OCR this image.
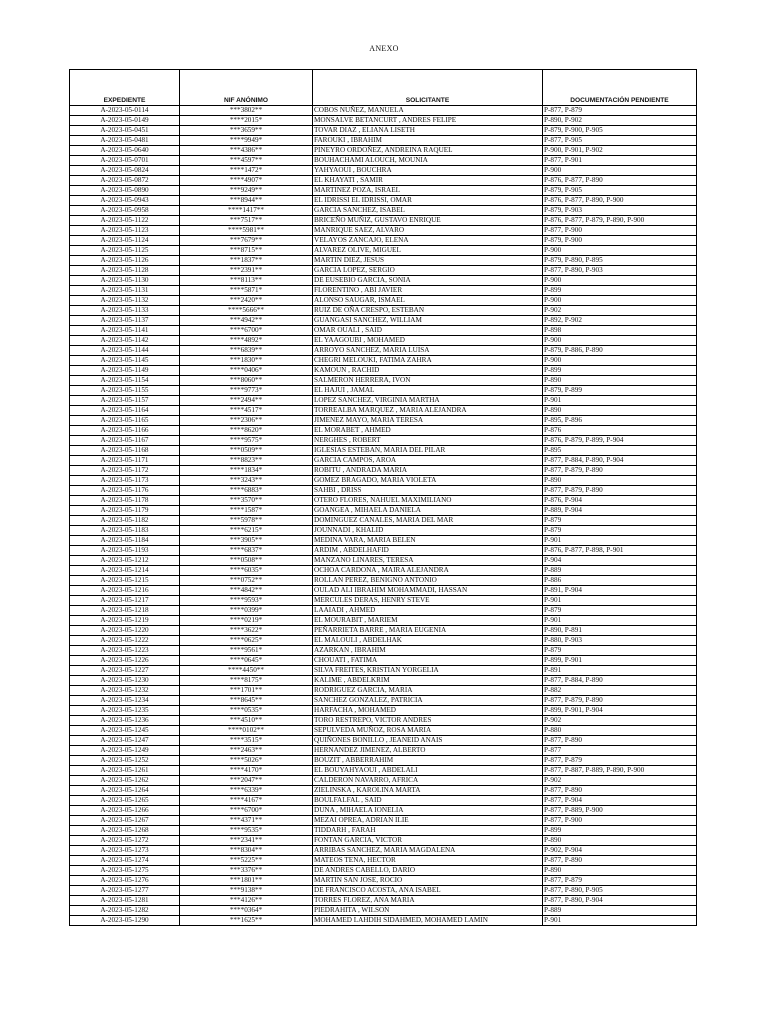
ANEXO
EXPEDIENTE	NIF ANÓNIMO	SOLICITANTE	DOCUMENTACIÓN PENDIENTE
A-2023-05-0114	***3802**	COBOS NUÑEZ, MANUELA	P-877, P-879
A-2023-05-0149	****2015*	MONSALVE BETANCURT , ANDRES FELIPE	P-890, P-902
A-2023-05-0451	***3659**	TOVAR DIAZ , ELIANA LISETH	P-879, P-900, P-905
A-2023-05-0481	****9949*	FAROUKI , IBRAHIM	P-877, P-905
A-2023-05-0640	***4386**	PINEYRO ORDOÑEZ, ANDREINA RAQUEL	P-900, P-901, P-902
A-2023-05-0701	***4597**	BOUHACHAMI ALOUCH, MOUNIA	P-877, P-901
A-2023-05-0824	****1472*	YAHYAOUI , BOUCHRA	P-900
A-2023-05-0872	****4907*	EL KHAYATI , SAMIR	P-876, P-877, P-890
A-2023-05-0890	***9249**	MARTINEZ POZA, ISRAEL	P-879, P-905
A-2023-05-0943	***8944**	EL IDRISSI EL IDRISSI, OMAR	P-876, P-877, P-890, P-900
A-2023-05-0958	****1417**	GARCIA SANCHEZ, ISABEL	P-879, P-903
A-2023-05-1122	***7517**	BRICEÑO MUÑIZ, GUSTAVO ENRIQUE	P-876, P-877, P-879, P-890, P-900
A-2023-05-1123	****5981**	MANRIQUE SAEZ, ALVARO	P-877, P-900
A-2023-05-1124	***7679**	VELAYOS ZANCAJO, ELENA	P-879, P-900
A-2023-05-1125	***8715**	ALVAREZ OLIVE, MIGUEL	P-900
A-2023-05-1126	***1837**	MARTIN DIEZ, JESUS	P-879, P-890, P-895
A-2023-05-1128	***2391**	GARCIA LOPEZ, SERGIO	P-877, P-890, P-903
A-2023-05-1130	***8113**	DE EUSEBIO GARCIA, SONIA	P-900
A-2023-05-1131	****5871*	FLORENTINO , ABI JAVIER	P-899
A-2023-05-1132	***2420**	ALONSO SAUGAR, ISMAEL	P-900
A-2023-05-1133	****5666**	RUIZ DE OÑA CRESPO, ESTEBAN	P-902
A-2023-05-1137	***4942**	GUANGASI SANCHEZ, WILLIAM	P-892, P-902
A-2023-05-1141	****6700*	OMAR OUALI , SAID	P-898
A-2023-05-1142	****4892*	EL YAAGOUBI , MOHAMED	P-900
A-2023-05-1144	***6839**	ARROYO SANCHEZ, MARIA LUISA	P-879, P-886, P-890
A-2023-05-1145	***1830**	CHEGRI MELOUKI, FATIMA ZAHRA	P-900
A-2023-05-1149	****0406*	KAMOUN , RACHID	P-899
A-2023-05-1154	***8060**	SALMERON HERRERA, IVON	P-890
A-2023-05-1155	****9773*	EL HAJUI , JAMAL	P-879, P-899
A-2023-05-1157	***2494**	LOPEZ SANCHEZ, VIRGINIA MARTHA	P-901
A-2023-05-1164	****4517*	TORREALBA MARQUEZ , MARIA ALEJANDRA	P-890
A-2023-05-1165	***2306**	JIMENEZ MAYO, MARIA TERESA	P-895, P-896
A-2023-05-1166	****8620*	EL MORABET , AHMED	P-876
A-2023-05-1167	****9575*	NERGHES , ROBERT	P-876, P-879, P-899, P-904
A-2023-05-1168	***0509**	IGLESIAS ESTEBAN, MARIA DEL PILAR	P-895
A-2023-05-1171	***8823**	GARCIA CAMPOS, AROA	P-877, P-884, P-890, P-904
A-2023-05-1172	****1834*	ROBITU , ANDRADA MARIA	P-877, P-879, P-890
A-2023-05-1173	***3243**	GOMEZ BRAGADO, MARIA VIOLETA	P-890
A-2023-05-1176	****6883*	SAHBI , DRISS	P-877, P-879, P-890
A-2023-05-1178	***3570**	OTERO FLORES, NAHUEL MAXIMILIANO	P-876, P-904
A-2023-05-1179	****1587*	GOANGEA , MIHAELA DANIELA	P-889, P-904
A-2023-05-1182	***5978**	DOMINGUEZ CANALES, MARIA DEL MAR	P-879
A-2023-05-1183	****6215*	JOUNNADI , KHALID	P-879
A-2023-05-1184	***3905**	MEDINA VARA, MARIA BELEN	P-901
A-2023-05-1193	****6837*	ARDIM , ABDELHAFID	P-876, P-877, P-898, P-901
A-2023-05-1212	***0508**	MANZANO LINARES, TERESA	P-904
A-2023-05-1214	****6035*	OCHOA CARDONA , MAIRA ALEJANDRA	P-889
A-2023-05-1215	***0752**	ROLLAN PEREZ, BENIGNO ANTONIO	P-886
A-2023-05-1216	***4842**	OULAD ALI IBRAHIM MOHAMMADI, HASSAN	P-891, P-904
A-2023-05-1217	****9593*	MERCULES DERAS, HENRY STEVE	P-901
A-2023-05-1218	****0399*	LAAIADI , AHMED	P-879
A-2023-05-1219	****0219*	EL MOURABIT , MARIEM	P-901
A-2023-05-1220	****3622*	PEÑARRIETA BARRE , MARIA EUGENIA	P-890, P-891
A-2023-05-1222	****0625*	EL MALOULI , ABDELHAK	P-880, P-903
A-2023-05-1223	****9561*	AZARKAN , IBRAHIM	P-879
A-2023-05-1226	****0645*	CHOUATI , FATIMA	P-899, P-901
A-2023-05-1227	****4450**	SILVA FREITES, KRISTIAN YORGELIA	P-891
A-2023-05-1230	****8175*	KALIME , ABDELKRIM	P-877, P-884, P-890
A-2023-05-1232	***1701**	RODRIGUEZ GARCIA, MARIA	P-882
A-2023-05-1234	***8645**	SANCHEZ GONZALEZ, PATRICIA	P-877, P-879, P-890
A-2023-05-1235	****0535*	HARFACHA , MOHAMED	P-899, P-901, P-904
A-2023-05-1236	***4510**	TORO RESTREPO, VICTOR ANDRES	P-902
A-2023-05-1245	****0102**	SEPULVEDA MUÑOZ, ROSA MARIA	P-880
A-2023-05-1247	****3515*	QUIÑONES BONILLO , JEANEID ANAIS	P-877, P-890
A-2023-05-1249	***2463**	HERNANDEZ JIMENEZ, ALBERTO	P-877
A-2023-05-1252	****5026*	BOUZIT , ABBERRAHIM	P-877, P-879
A-2023-05-1261	****4170*	EL BOUYAHYAOUI , ABDELALI	P-877, P-887, P-889, P-890, P-900
A-2023-05-1262	***2047**	CALDERON NAVARRO, AFRICA	P-902
A-2023-05-1264	****6339*	ZIELINSKA , KAROLINA MARTA	P-877, P-890
A-2023-05-1265	****4167*	BOULFALFAL , SAID	P-877, P-904
A-2023-05-1266	****6700*	DUNA , MIHAELA IONELIA	P-877, P-889, P-900
A-2023-05-1267	***4371**	MEZAI OPREA, ADRIAN ILIE	P-877, P-900
A-2023-05-1268	****9535*	TIDDARH , FARAH	P-899
A-2023-05-1272	***2341**	FONTAN GARCIA, VICTOR	P-890
A-2023-05-1273	***8304**	ARRIBAS SANCHEZ, MARIA MAGDALENA	P-902, P-904
A-2023-05-1274	***5225**	MATEOS TENA, HECTOR	P-877, P-890
A-2023-05-1275	***3376**	DE ANDRES CABELLO, DARIO	P-890
A-2023-05-1276	***1801**	MARTIN SAN JOSE, ROCIO	P-877, P-879
A-2023-05-1277	***9138**	DE FRANCISCO ACOSTA, ANA ISABEL	P-877, P-890, P-905
A-2023-05-1281	***4126**	TORRES FLOREZ, ANA MARIA	P-877, P-890, P-904
A-2023-05-1282	****0364*	PIEDRAHITA , WILSON	P-889
A-2023-05-1290	***1625**	MOHAMED LAHDIH SIDAHMED, MOHAMED LAMIN	P-901
